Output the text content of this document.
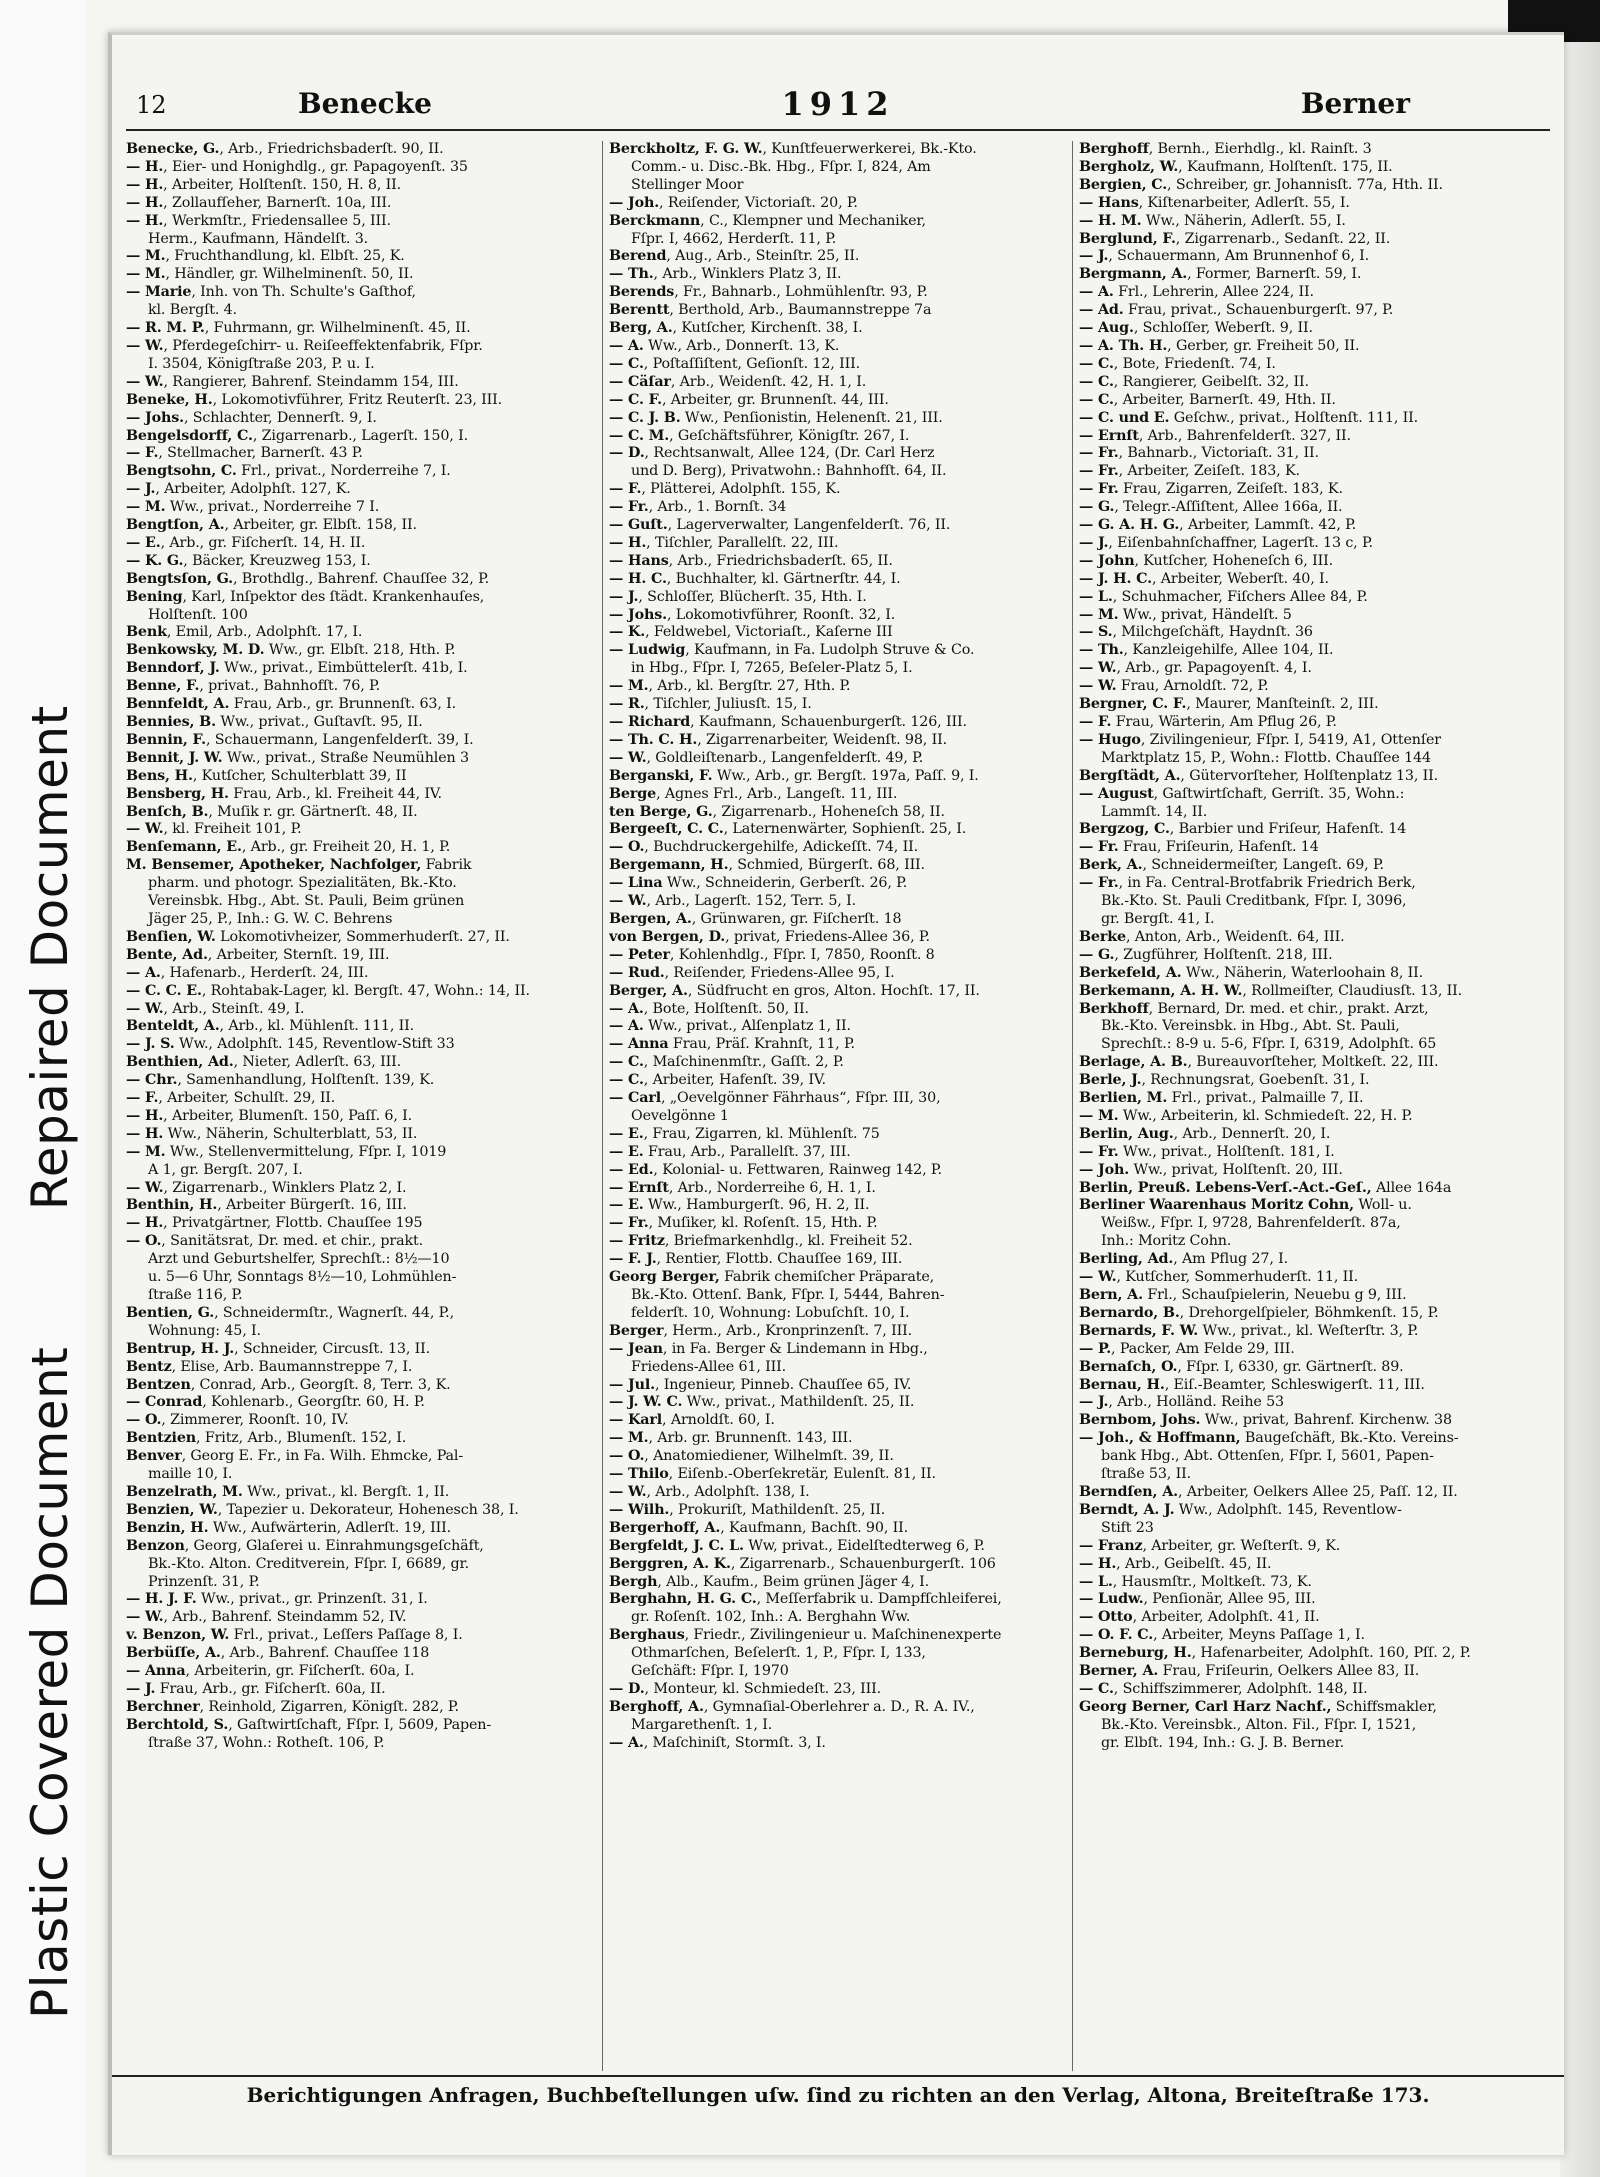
Plastic Covered Document Repaired Document
12	Benecke	1912	Berner
Benecke, G., Arb., Friedrichsbaderſt. 90, II.
— H., Eier- und Honighdlg., gr. Papagoyenſt. 35
— H., Arbeiter, Holſtenſt. 150, H. 8, II.
— H., Zollaufſeher, Barnerſt. 10a, III.
— H., Werkmſtr., Friedensallee 5, III.
Herm., Kaufmann, Händelſt. 3.
— M., Fruchthandlung, kl. Elbſt. 25, K.
— M., Händler, gr. Wilhelminenſt. 50, II.
— Marie, Inh. von Th. Schulte's Gaſthof,
kl. Bergſt. 4.
— R. M. P., Fuhrmann, gr. Wilhelminenſt. 45, II.
— W., Pferdegeſchirr- u. Reiſeeffektenfabrik, Fſpr.
I. 3504, Königſtraße 203, P. u. I.
— W., Rangierer, Bahrenf. Steindamm 154, III.
Beneke, H., Lokomotivführer, Fritz Reuterſt. 23, III.
— Johs., Schlachter, Dennerſt. 9, I.
Bengelsdorff, C., Zigarrenarb., Lagerſt. 150, I.
— F., Stellmacher, Barnerſt. 43 P.
Bengtsohn, C. Frl., privat., Norderreihe 7, I.
— J., Arbeiter, Adolphſt. 127, K.
— M. Ww., privat., Norderreihe 7 I.
Bengtſon, A., Arbeiter, gr. Elbſt. 158, II.
— E., Arb., gr. Fiſcherſt. 14, H. II.
— K. G., Bäcker, Kreuzweg 153, I.
Bengtsſon, G., Brothdlg., Bahrenf. Chauſſee 32, P.
Bening, Karl, Inſpektor des ſtädt. Krankenhauſes,
Holſtenſt. 100
Benk, Emil, Arb., Adolphſt. 17, I.
Benkowsky, M. D. Ww., gr. Elbſt. 218, Hth. P.
Benndorf, J. Ww., privat., Eimbüttelerſt. 41b, I.
Benne, F., privat., Bahnhofſt. 76, P.
Bennfeldt, A. Frau, Arb., gr. Brunnenſt. 63, I.
Bennies, B. Ww., privat., Guſtavſt. 95, II.
Bennin, F., Schauermann, Langenfelderſt. 39, I.
Bennit, J. W. Ww., privat., Straße Neumühlen 3
Bens, H., Kutſcher, Schulterblatt 39, II
Bensberg, H. Frau, Arb., kl. Freiheit 44, IV.
Benſch, B., Muſik r. gr. Gärtnerſt. 48, II.
— W., kl. Freiheit 101, P.
Benſemann, E., Arb., gr. Freiheit 20, H. 1, P.
M. Bensemer, Apotheker, Nachfolger, Fabrik
pharm. und photogr. Spezialitäten, Bk.-Kto.
Vereinsbk. Hbg., Abt. St. Pauli, Beim grünen
Jäger 25, P., Inh.: G. W. C. Behrens
Benſien, W. Lokomotivheizer, Sommerhuderſt. 27, II.
Bente, Ad., Arbeiter, Sternſt. 19, III.
— A., Hafenarb., Herderſt. 24, III.
— C. C. E., Rohtabak-Lager, kl. Bergſt. 47, Wohn.: 14, II.
— W., Arb., Steinſt. 49, I.
Benteldt, A., Arb., kl. Mühlenſt. 111, II.
— J. S. Ww., Adolphſt. 145, Reventlow-Stift 33
Benthien, Ad., Nieter, Adlerſt. 63, III.
— Chr., Samenhandlung, Holſtenſt. 139, K.
— F., Arbeiter, Schulſt. 29, II.
— H., Arbeiter, Blumenſt. 150, Paſſ. 6, I.
— H. Ww., Näherin, Schulterblatt, 53, II.
— M. Ww., Stellenvermittelung, Fſpr. I, 1019
A 1, gr. Bergſt. 207, I.
— W., Zigarrenarb., Winklers Platz 2, I.
Benthin, H., Arbeiter Bürgerſt. 16, III.
— H., Privatgärtner, Flottb. Chauſſee 195
— O., Sanitätsrat, Dr. med. et chir., prakt.
Arzt und Geburtshelfer, Sprechſt.: 8½—10
u. 5—6 Uhr, Sonntags 8½—10, Lohmühlen-
ſtraße 116, P.
Bentien, G., Schneidermſtr., Wagnerſt. 44, P.,
Wohnung: 45, I.
Bentrup, H. J., Schneider, Circusſt. 13, II.
Bentz, Elise, Arb. Baumannstreppe 7, I.
Bentzen, Conrad, Arb., Georgſt. 8, Terr. 3, K.
— Conrad, Kohlenarb., Georgſtr. 60, H. P.
— O., Zimmerer, Roonſt. 10, IV.
Bentzien, Fritz, Arb., Blumenſt. 152, I.
Benver, Georg E. Fr., in Fa. Wilh. Ehmcke, Pal-
maille 10, I.
Benzelrath, M. Ww., privat., kl. Bergſt. 1, II.
Benzien, W., Tapezier u. Dekorateur, Hohenesch 38, I.
Benzin, H. Ww., Aufwärterin, Adlerſt. 19, III.
Benzon, Georg, Glaſerei u. Einrahmungsgeſchäft,
Bk.-Kto. Alton. Creditverein, Fſpr. I, 6689, gr.
Prinzenſt. 31, P.
— H. J. F. Ww., privat., gr. Prinzenſt. 31, I.
— W., Arb., Bahrenf. Steindamm 52, IV.
v. Benzon, W. Frl., privat., Leſſers Paſſage 8, I.
Berbüſſe, A., Arb., Bahrenf. Chauſſee 118
— Anna, Arbeiterin, gr. Fiſcherſt. 60a, I.
— J. Frau, Arb., gr. Fiſcherſt. 60a, II.
Berchner, Reinhold, Zigarren, Königſt. 282, P.
Berchtold, S., Gaſtwirtſchaft, Fſpr. I, 5609, Papen-
ſtraße 37, Wohn.: Rotheſt. 106, P.
Berckholtz, F. G. W., Kunſtfeuerwerkerei, Bk.-Kto.
Comm.- u. Disc.-Bk. Hbg., Fſpr. I, 824, Am
Stellinger Moor
— Joh., Reiſender, Victoriaſt. 20, P.
Berckmann, C., Klempner und Mechaniker,
Fſpr. I, 4662, Herderſt. 11, P.
Berend, Aug., Arb., Steinſtr. 25, II.
— Th., Arb., Winklers Platz 3, II.
Berends, Fr., Bahnarb., Lohmühlenſtr. 93, P.
Berentt, Berthold, Arb., Baumannstreppe 7a
Berg, A., Kutſcher, Kirchenſt. 38, I.
— A. Ww., Arb., Donnerſt. 13, K.
— C., Poſtaſſiſtent, Geſionſt. 12, III.
— Cäſar, Arb., Weidenſt. 42, H. 1, I.
— C. F., Arbeiter, gr. Brunnenſt. 44, III.
— C. J. B. Ww., Penſionistin, Helenenſt. 21, III.
— C. M., Geſchäftsführer, Königſtr. 267, I.
— D., Rechtsanwalt, Allee 124, (Dr. Carl Herz
und D. Berg), Privatwohn.: Bahnhofſt. 64, II.
— F., Plätterei, Adolphſt. 155, K.
— Fr., Arb., 1. Bornſt. 34
— Guſt., Lagerverwalter, Langenfelderſt. 76, II.
— H., Tiſchler, Parallelſt. 22, III.
— Hans, Arb., Friedrichsbaderſt. 65, II.
— H. C., Buchhalter, kl. Gärtnerſtr. 44, I.
— J., Schloſſer, Blücherſt. 35, Hth. I.
— Johs., Lokomotivführer, Roonſt. 32, I.
— K., Feldwebel, Victoriaſt., Kaſerne III
— Ludwig, Kaufmann, in Fa. Ludolph Struve & Co.
in Hbg., Fſpr. I, 7265, Beſeler-Platz 5, I.
— M., Arb., kl. Bergſtr. 27, Hth. P.
— R., Tiſchler, Juliusſt. 15, I.
— Richard, Kaufmann, Schauenburgerſt. 126, III.
— Th. C. H., Zigarrenarbeiter, Weidenſt. 98, II.
— W., Goldleiſtenarb., Langenfelderſt. 49, P.
Berganski, F. Ww., Arb., gr. Bergſt. 197a, Paſſ. 9, I.
Berge, Agnes Frl., Arb., Langeſt. 11, III.
ten Berge, G., Zigarrenarb., Hoheneſch 58, II.
Bergeeſt, C. C., Laternenwärter, Sophienſt. 25, I.
— O., Buchdruckergehilfe, Adickeſſt. 74, II.
Bergemann, H., Schmied, Bürgerſt. 68, III.
— Lina Ww., Schneiderin, Gerberſt. 26, P.
— W., Arb., Lagerſt. 152, Terr. 5, I.
Bergen, A., Grünwaren, gr. Fiſcherſt. 18
von Bergen, D., privat, Friedens-Allee 36, P.
— Peter, Kohlenhdlg., Fſpr. I, 7850, Roonſt. 8
— Rud., Reiſender, Friedens-Allee 95, I.
Berger, A., Südfrucht en gros, Alton. Hochſt. 17, II.
— A., Bote, Holſtenſt. 50, II.
— A. Ww., privat., Alſenplatz 1, II.
— Anna Frau, Präſ. Krahnſt, 11, P.
— C., Maſchinenmſtr., Gaſſt. 2, P.
— C., Arbeiter, Hafenſt. 39, IV.
— Carl, „Oevelgönner Fährhaus“, Fſpr. III, 30,
Oevelgönne 1
— E., Frau, Zigarren, kl. Mühlenſt. 75
— E. Frau, Arb., Parallelſt. 37, III.
— Ed., Kolonial- u. Fettwaren, Rainweg 142, P.
— Ernſt, Arb., Norderreihe 6, H. 1, I.
— E. Ww., Hamburgerſt. 96, H. 2, II.
— Fr., Muſiker, kl. Roſenſt. 15, Hth. P.
— Fritz, Briefmarkenhdlg., kl. Freiheit 52.
— F. J., Rentier, Flottb. Chauſſee 169, III.
Georg Berger, Fabrik chemiſcher Präparate,
Bk.-Kto. Ottenſ. Bank, Fſpr. I, 5444, Bahren-
felderſt. 10, Wohnung: Lobuſchſt. 10, I.
Berger, Herm., Arb., Kronprinzenſt. 7, III.
— Jean, in Fa. Berger & Lindemann in Hbg.,
Friedens-Allee 61, III.
— Jul., Ingenieur, Pinneb. Chauſſee 65, IV.
— J. W. C. Ww., privat., Mathildenſt. 25, II.
— Karl, Arnoldſt. 60, I.
— M., Arb. gr. Brunnenſt. 143, III.
— O., Anatomiediener, Wilhelmſt. 39, II.
— Thilo, Eiſenb.-Oberſekretär, Eulenſt. 81, II.
— W., Arb., Adolphſt. 138, I.
— Wilh., Prokuriſt, Mathildenſt. 25, II.
Bergerhoff, A., Kaufmann, Bachſt. 90, II.
Bergfeldt, J. C. L. Ww, privat., Eidelſtedterweg 6, P.
Berggren, A. K., Zigarrenarb., Schauenburgerſt. 106
Bergh, Alb., Kaufm., Beim grünen Jäger 4, I.
Berghahn, H. G. C., Meſſerfabrik u. Dampfſchleiferei,
gr. Roſenſt. 102, Inh.: A. Berghahn Ww.
Berghaus, Friedr., Zivilingenieur u. Maſchinenexperte
Othmarſchen, Beſelerſt. 1, P., Fſpr. I, 133,
Geſchäft: Fſpr. I, 1970
— D., Monteur, kl. Schmiedeſt. 23, III.
Berghoff, A., Gymnaſial-Oberlehrer a. D., R. A. IV.,
Margarethenſt. 1, I.
— A., Maſchiniſt, Stormſt. 3, I.
Berghoff, Bernh., Eierhdlg., kl. Rainſt. 3
Bergholz, W., Kaufmann, Holſtenſt. 175, II.
Bergien, C., Schreiber, gr. Johannisſt. 77a, Hth. II.
— Hans, Kiſtenarbeiter, Adlerſt. 55, I.
— H. M. Ww., Näherin, Adlerſt. 55, I.
Berglund, F., Zigarrenarb., Sedanſt. 22, II.
— J., Schauermann, Am Brunnenhof 6, I.
Bergmann, A., Former, Barnerſt. 59, I.
— A. Frl., Lehrerin, Allee 224, II.
— Ad. Frau, privat., Schauenburgerſt. 97, P.
— Aug., Schloſſer, Weberſt. 9, II.
— A. Th. H., Gerber, gr. Freiheit 50, II.
— C., Bote, Friedenſt. 74, I.
— C., Rangierer, Geibelſt. 32, II.
— C., Arbeiter, Barnerſt. 49, Hth. II.
— C. und E. Geſchw., privat., Holſtenſt. 111, II.
— Ernſt, Arb., Bahrenfelderſt. 327, II.
— Fr., Bahnarb., Victoriaſt. 31, II.
— Fr., Arbeiter, Zeiſeſt. 183, K.
— Fr. Frau, Zigarren, Zeiſeſt. 183, K.
— G., Telegr.-Aſſiſtent, Allee 166a, II.
— G. A. H. G., Arbeiter, Lammſt. 42, P.
— J., Eiſenbahnſchaffner, Lagerſt. 13 c, P.
— John, Kutſcher, Hoheneſch 6, III.
— J. H. C., Arbeiter, Weberſt. 40, I.
— L., Schuhmacher, Fiſchers Allee 84, P.
— M. Ww., privat, Händelſt. 5
— S., Milchgeſchäft, Haydnſt. 36
— Th., Kanzleigehilfe, Allee 104, II.
— W., Arb., gr. Papagoyenſt. 4, I.
— W. Frau, Arnoldſt. 72, P.
Bergner, C. F., Maurer, Manſteinſt. 2, III.
— F. Frau, Wärterin, Am Pflug 26, P.
— Hugo, Zivilingenieur, Fſpr. I, 5419, A1, Ottenſer
Marktplatz 15, P., Wohn.: Flottb. Chauſſee 144
Bergſtädt, A., Gütervorſteher, Holſtenplatz 13, II.
— August, Gaſtwirtſchaft, Gerriſt. 35, Wohn.:
Lammſt. 14, II.
Bergzog, C., Barbier und Friſeur, Hafenſt. 14
— Fr. Frau, Friſeurin, Hafenſt. 14
Berk, A., Schneidermeiſter, Langeſt. 69, P.
— Fr., in Fa. Central-Brotfabrik Friedrich Berk,
Bk.-Kto. St. Pauli Creditbank, Fſpr. I, 3096,
gr. Bergſt. 41, I.
Berke, Anton, Arb., Weidenſt. 64, III.
— G., Zugführer, Holſtenſt. 218, III.
Berkefeld, A. Ww., Näherin, Waterloohain 8, II.
Berkemann, A. H. W., Rollmeiſter, Claudiusſt. 13, II.
Berkhoff, Bernard, Dr. med. et chir., prakt. Arzt,
Bk.-Kto. Vereinsbk. in Hbg., Abt. St. Pauli,
Sprechſt.: 8-9 u. 5-6, Fſpr. I, 6319, Adolphſt. 65
Berlage, A. B., Bureauvorſteher, Moltkeſt. 22, III.
Berle, J., Rechnungsrat, Goebenſt. 31, I.
Berlien, M. Frl., privat., Palmaille 7, II.
— M. Ww., Arbeiterin, kl. Schmiedeſt. 22, H. P.
Berlin, Aug., Arb., Dennerſt. 20, I.
— Fr. Ww., privat., Holſtenſt. 181, I.
— Joh. Ww., privat, Holſtenſt. 20, III.
Berlin, Preuß. Lebens-Verſ.-Act.-Geſ., Allee 164a
Berliner Waarenhaus Moritz Cohn, Woll- u.
Weißw., Fſpr. I, 9728, Bahrenfelderſt. 87a,
Inh.: Moritz Cohn.
Berling, Ad., Am Pflug 27, I.
— W., Kutſcher, Sommerhuderſt. 11, II.
Bern, A. Frl., Schauſpielerin, Neuebu g 9, III.
Bernardo, B., Drehorgelſpieler, Böhmkenſt. 15, P.
Bernards, F. W. Ww., privat., kl. Weſterſtr. 3, P.
— P., Packer, Am Felde 29, III.
Bernaſch, O., Fſpr. I, 6330, gr. Gärtnerſt. 89.
Bernau, H., Eiſ.-Beamter, Schleswigerſt. 11, III.
— J., Arb., Holländ. Reihe 53
Bernbom, Johs. Ww., privat, Bahrenf. Kirchenw. 38
— Joh., & Hoffmann, Baugeſchäft, Bk.-Kto. Vereins-
bank Hbg., Abt. Ottenſen, Fſpr. I, 5601, Papen-
ſtraße 53, II.
Berndſen, A., Arbeiter, Oelkers Allee 25, Paſſ. 12, II.
Berndt, A. J. Ww., Adolphſt. 145, Reventlow-
Stift 23
— Franz, Arbeiter, gr. Weſterſt. 9, K.
— H., Arb., Geibelſt. 45, II.
— L., Hausmſtr., Moltkeſt. 73, K.
— Ludw., Penſionär, Allee 95, III.
— Otto, Arbeiter, Adolphſt. 41, II.
— O. F. C., Arbeiter, Meyns Paſſage 1, I.
Berneburg, H., Hafenarbeiter, Adolphſt. 160, Pſſ. 2, P.
Berner, A. Frau, Friſeurin, Oelkers Allee 83, II.
— C., Schiffszimmerer, Adolphſt. 148, II.
Georg Berner, Carl Harz Nachf., Schiffsmakler,
Bk.-Kto. Vereinsbk., Alton. Fil., Fſpr. I, 1521,
gr. Elbſt. 194, Inh.: G. J. B. Berner.
Berichtigungen Anfragen, Buchbeſtellungen uſw. ſind zu richten an den Verlag, Altona, Breiteſtraße 173.
